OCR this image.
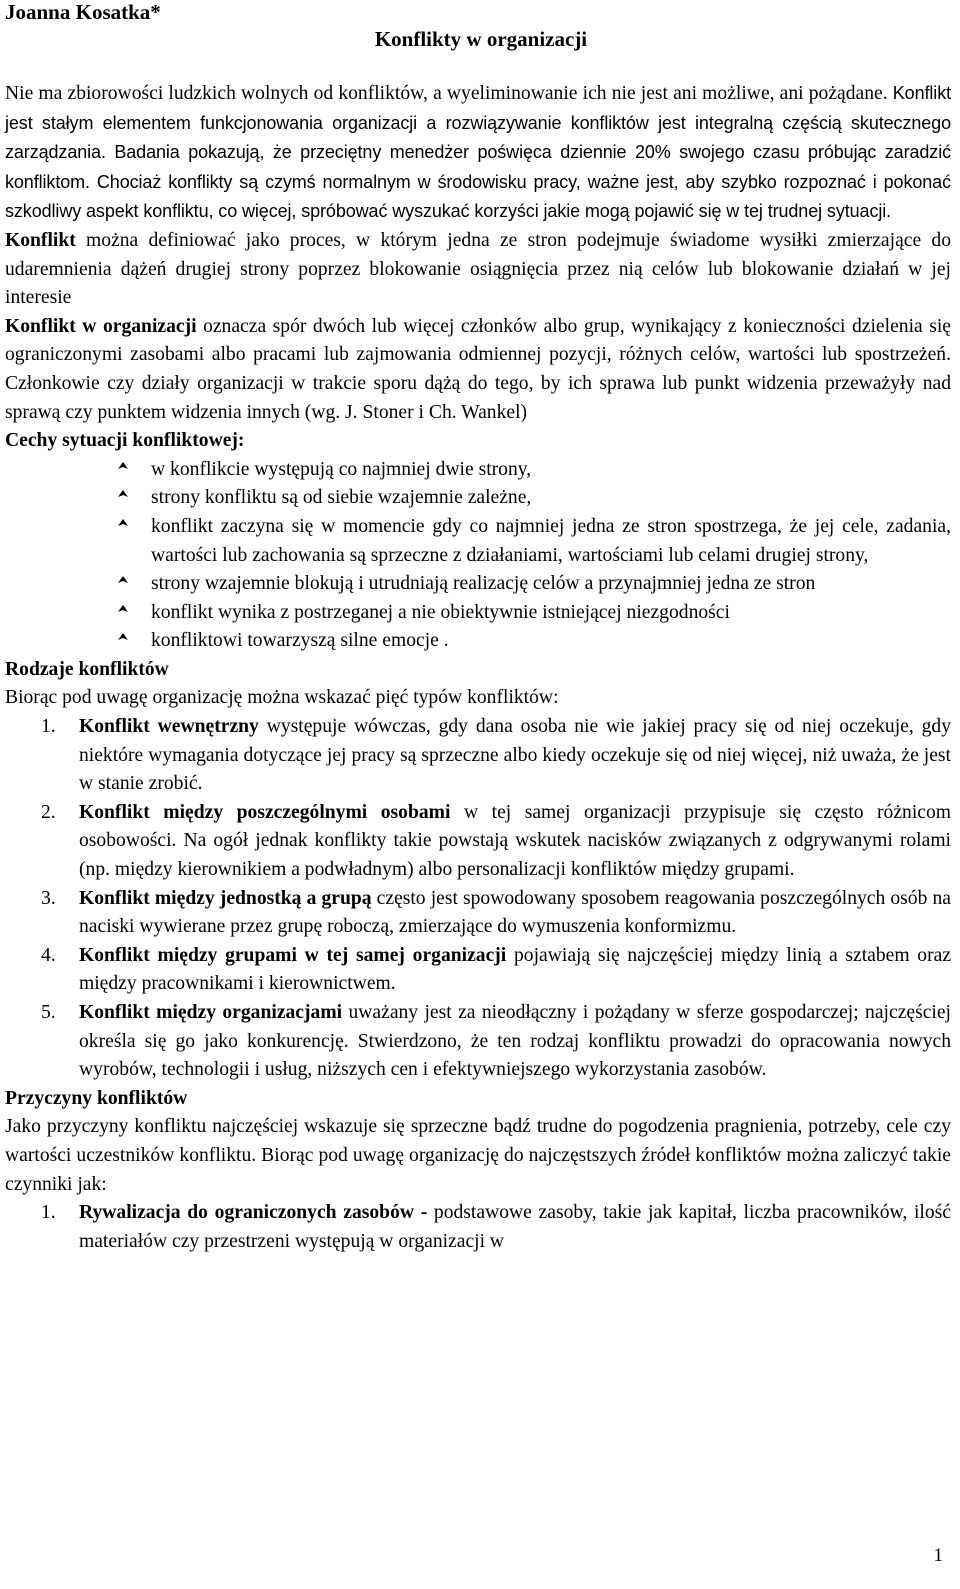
Joanna Kosatka*
Konflikty w organizacji

Nie ma zbiorowości ludzkich wolnych od konfliktów, a wyeliminowanie ich nie jest ani możliwe, ani pożądane. Konflikt jest stałym elementem funkcjonowania organizacji a rozwiązywanie konfliktów jest integralną częścią skutecznego zarządzania. Badania pokazują, że przeciętny menedżer poświęca dziennie 20% swojego czasu próbując zaradzić konfliktom. Chociaż konflikty są czymś normalnym w środowisku pracy, ważne jest, aby szybko rozpoznać i pokonać szkodliwy aspekt konfliktu, co więcej, spróbować wyszukać korzyści jakie mogą pojawić się w tej trudnej sytuacji.

Konflikt można definiować jako proces, w którym jedna ze stron podejmuje świadome wysiłki zmierzające do udaremnienia dążeń drugiej strony poprzez blokowanie osiągnięcia przez nią celów lub blokowanie działań w jej interesie

Konflikt w organizacji oznacza spór dwóch lub więcej członków albo grup, wynikający z konieczności dzielenia się ograniczonymi zasobami albo pracami lub zajmowania odmiennej pozycji, różnych celów, wartości lub spostrzeżeń. Członkowie czy działy organizacji w trakcie sporu dążą do tego, by ich sprawa lub punkt widzenia przeważyły nad sprawą czy punktem widzenia innych (wg. J. Stoner i Ch. Wankel)

Cechy sytuacji konfliktowej:
w konflikcie występują co najmniej dwie strony,
strony konfliktu są od siebie wzajemnie zależne,
konflikt zaczyna się w momencie gdy co najmniej jedna ze stron spostrzega, że jej cele, zadania, wartości lub zachowania są sprzeczne z działaniami, wartościami lub celami drugiej strony,
strony wzajemnie blokują i utrudniają realizację celów a przynajmniej jedna ze stron
konflikt wynika z postrzeganej a nie obiektywnie istniejącej niezgodności
konfliktowi towarzyszą silne emocje .
Rodzaje konfliktów

Biorąc pod uwagę organizację można wskazać pięć typów konfliktów:

1. Konflikt wewnętrzny występuje wówczas, gdy dana osoba nie wie jakiej pracy się od niej oczekuje, gdy niektóre wymagania dotyczące jej pracy są sprzeczne albo kiedy oczekuje się od niej więcej, niż uważa, że jest w stanie zrobić.
2. Konflikt między poszczególnymi osobami w tej samej organizacji przypisuje się często różnicom osobowości. Na ogół jednak konflikty takie powstają wskutek nacisków związanych z odgrywanymi rolami (np. między kierownikiem a podwładnym) albo personalizacji konfliktów między grupami.
3. Konflikt między jednostką a grupą często jest spowodowany sposobem reagowania poszczególnych osób na naciski wywierane przez grupę roboczą, zmierzające do wymuszenia konformizmu.
4. Konflikt między grupami w tej samej organizacji pojawiają się najczęściej między linią a sztabem oraz między pracownikami i kierownictwem.
5. Konflikt między organizacjami uważany jest za nieodłączny i pożądany w sferze gospodarczej; najczęściej określa się go jako konkurencję. Stwierdzono, że ten rodzaj konfliktu prowadzi do opracowania nowych wyrobów, technologii i usług, niższych cen i efektywniejszego wykorzystania zasobów.
Przyczyny konfliktów

Jako przyczyny konfliktu najczęściej wskazuje się sprzeczne bądź trudne do pogodzenia pragnienia, potrzeby, cele czy wartości uczestników konfliktu. Biorąc pod uwagę organizację do najczęstszych źródeł konfliktów można zaliczyć takie czynniki jak:

1. Rywalizacja do ograniczonych zasobów - podstawowe zasoby, takie jak kapitał, liczba pracowników, ilość materiałów czy przestrzeni występują w organizacji w
1
